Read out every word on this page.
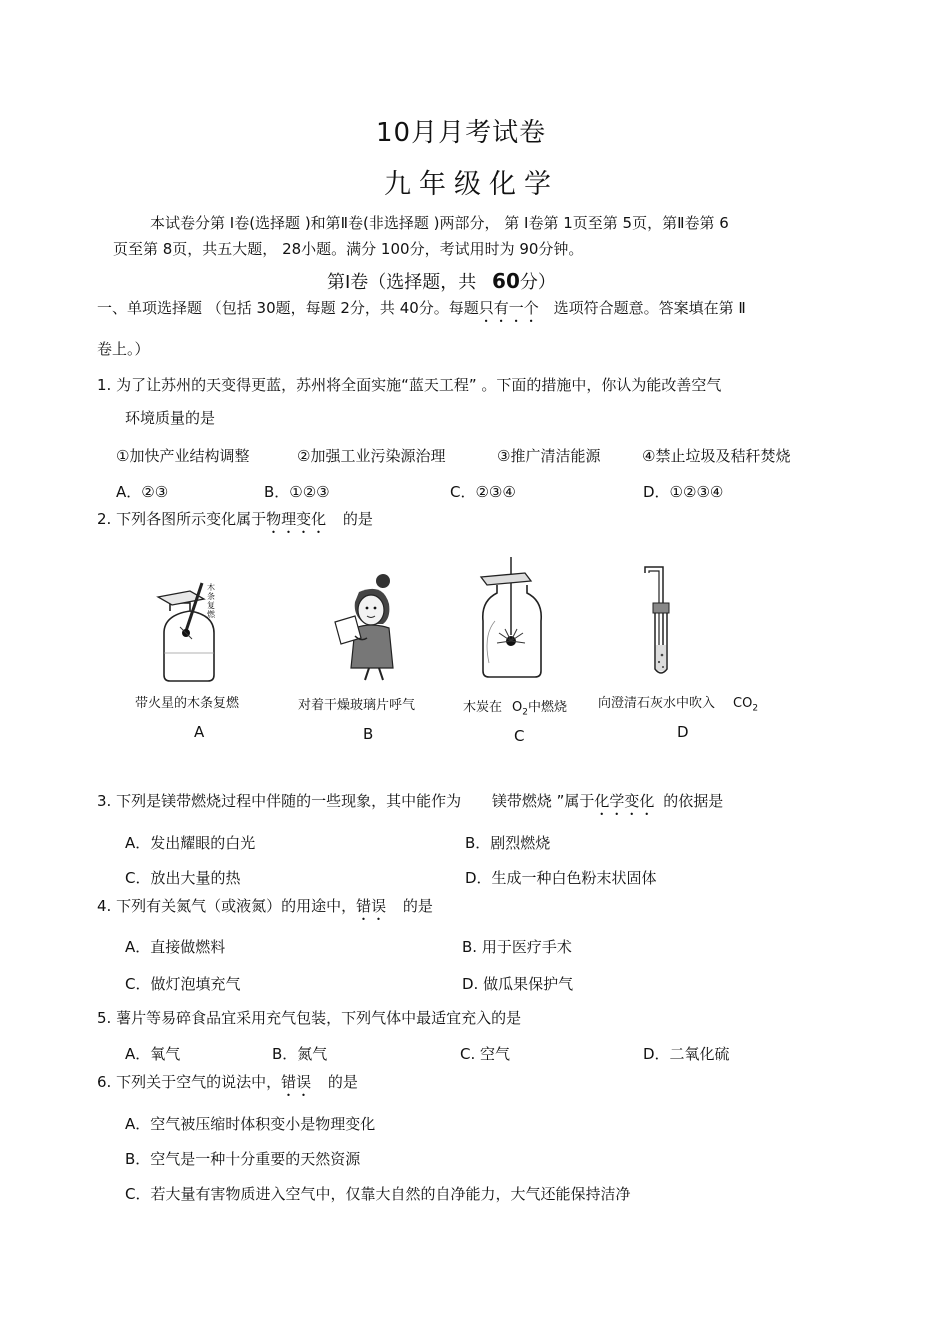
10月月考试卷
九年级化学
本试卷分第 Ⅰ卷(选择题 )和第Ⅱ卷(非选择题 )两部分， 第 Ⅰ卷第 1页至第 5页，第Ⅱ卷第 6
页至第 8页，共五大题， 28小题。满分 100分，考试用时为 90分钟。
第Ⅰ卷（选择题，共 60分）
一、单项选择题 （包括 30题，每题 2分，共 40分。每题只有一个 选项符合题意。答案填在第 Ⅱ
卷上。）
1. 为了让苏州的天变得更蓝，苏州将全面实施“蓝天工程” 。下面的措施中，你认为能改善空气
环境质量的是
①加快产业结构调整	②加强工业污染源治理	③推广清洁能源	④禁止垃圾及秸秆焚烧
A．②③	B．①②③	C．②③④	D．①②③④
2. 下列各图所示变化属于物理变化 的是
木条复燃
带火星的木条复燃	对着干燥玻璃片呼气	木炭在 $O_2$中燃烧 向澄清石灰水中吹入 $CO_2$
A	B	C	D
3. 下列是镁带燃烧过程中伴随的一些现象，其中能作为 镁带燃烧 ”属于化学变化 的依据是
A．发出耀眼的白光	B．剧烈燃烧
C．放出大量的热	D．生成一种白色粉末状固体
4. 下列有关氮气（或液氮）的用途中，错误 的是
A．直接做燃料	B. 用于医疗手术
C．做灯泡填充气	D. 做瓜果保护气
5. 薯片等易碎食品宜采用充气包装，下列气体中最适宜充入的是
A．氧气	B．氮气	C. 空气	D．二氧化硫
6. 下列关于空气的说法中，错误 的是
A．空气被压缩时体积变小是物理变化
B．空气是一种十分重要的天然资源
C．若大量有害物质进入空气中，仅靠大自然的自净能力，大气还能保持洁净
